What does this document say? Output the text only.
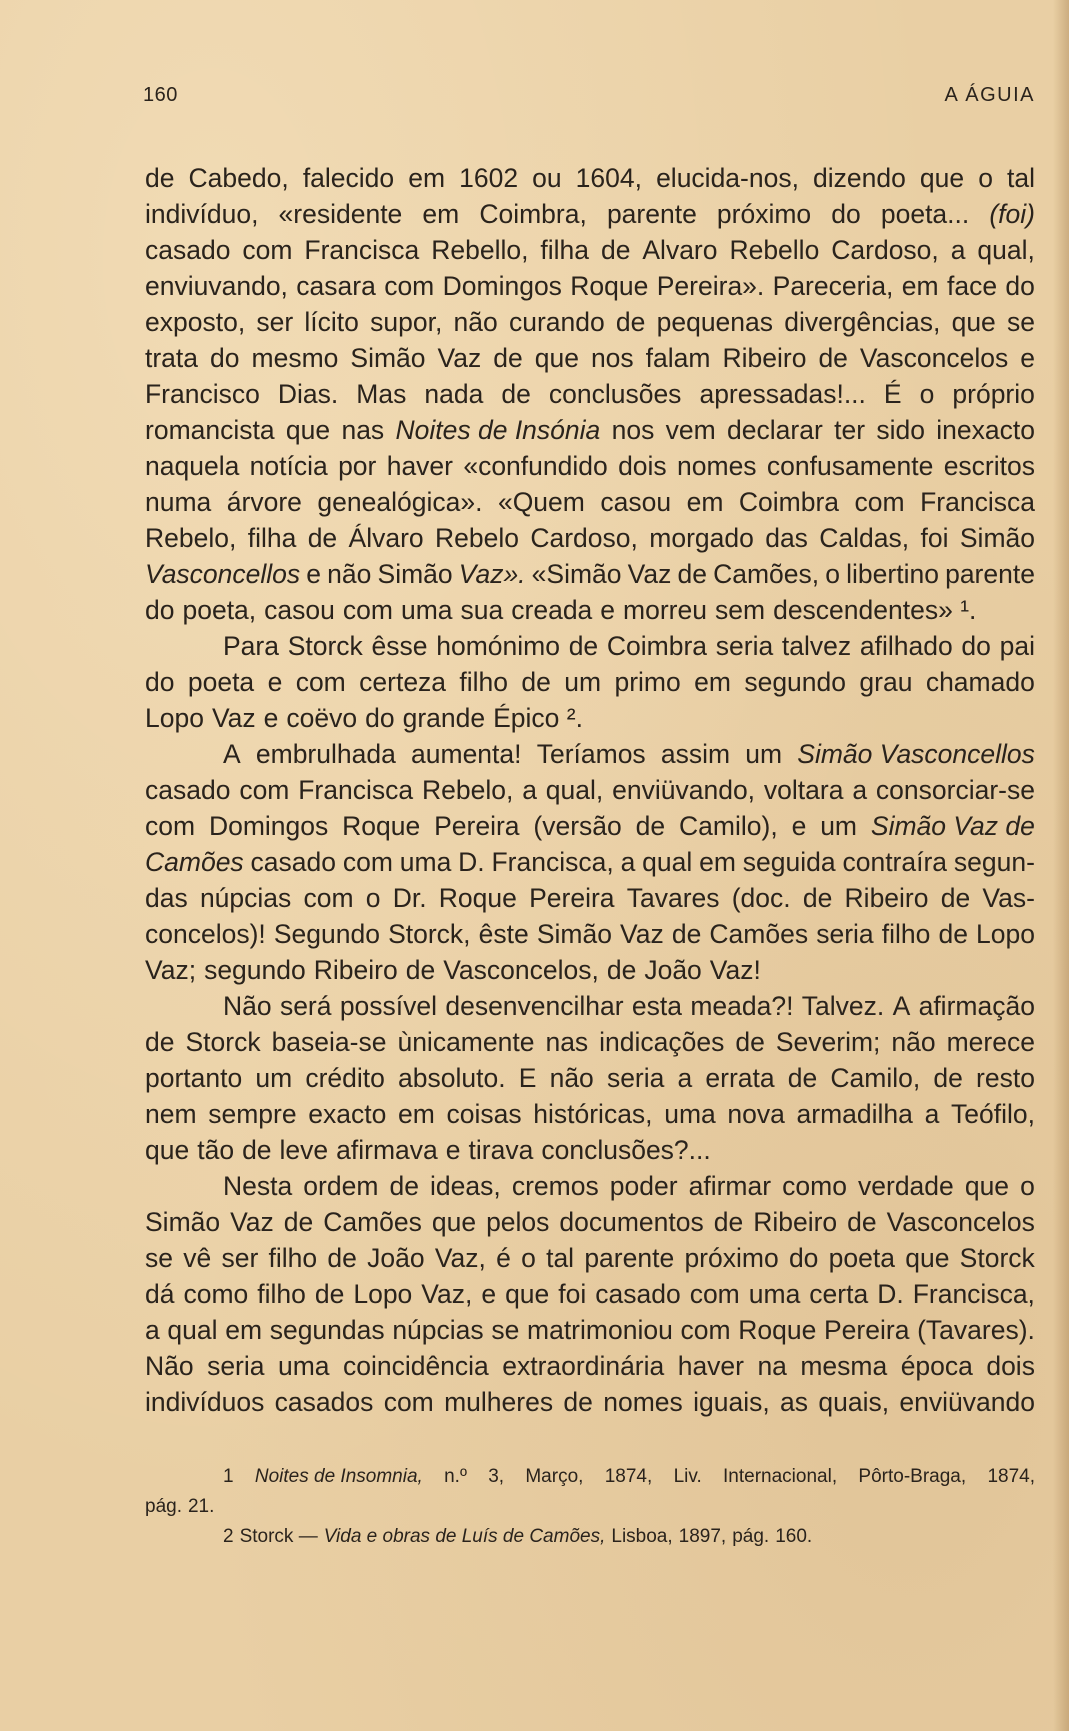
160	A ÁGUIA
de Cabedo, falecido em 1602 ou 1604, elucida-nos, dizendo que o tal
indivíduo, «residente em Coimbra, parente próximo do poeta... (foi)
casado com Francisca Rebello, filha de Alvaro Rebello Cardoso, a qual,
enviuvando, casara com Domingos Roque Pereira». Pareceria, em face do
exposto, ser lícito supor, não curando de pequenas divergências, que se
trata do mesmo Simão Vaz de que nos falam Ribeiro de Vasconcelos e
Francisco Dias. Mas nada de conclusões apressadas!... É o próprio
romancista que nas Noites de Insónia nos vem declarar ter sido inexacto
naquela notícia por haver «confundido dois nomes confusamente escritos
numa árvore genealógica». «Quem casou em Coimbra com Francisca
Rebelo, filha de Álvaro Rebelo Cardoso, morgado das Caldas, foi Simão
Vasconcellos e não Simão Vaz». «Simão Vaz de Camões, o libertino parente
do poeta, casou com uma sua creada e morreu sem descendentes» ¹.
Para Storck êsse homónimo de Coimbra seria talvez afilhado do pai
do poeta e com certeza filho de um primo em segundo grau chamado
Lopo Vaz e coëvo do grande Épico ².
A embrulhada aumenta! Teríamos assim um Simão Vasconcellos
casado com Francisca Rebelo, a qual, enviüvando, voltara a consorciar-se
com Domingos Roque Pereira (versão de Camilo), e um Simão Vaz de
Camões casado com uma D. Francisca, a qual em seguida contraíra segun-
das núpcias com o Dr. Roque Pereira Tavares (doc. de Ribeiro de Vas-
concelos)! Segundo Storck, êste Simão Vaz de Camões seria filho de Lopo
Vaz; segundo Ribeiro de Vasconcelos, de João Vaz!
Não será possível desenvencilhar esta meada?! Talvez. A afirmação
de Storck baseia-se ùnicamente nas indicações de Severim; não merece
portanto um crédito absoluto. E não seria a errata de Camilo, de resto
nem sempre exacto em coisas históricas, uma nova armadilha a Teófilo,
que tão de leve afirmava e tirava conclusões?...
Nesta ordem de ideas, cremos poder afirmar como verdade que o
Simão Vaz de Camões que pelos documentos de Ribeiro de Vasconcelos
se vê ser filho de João Vaz, é o tal parente próximo do poeta que Storck
dá como filho de Lopo Vaz, e que foi casado com uma certa D. Francisca,
a qual em segundas núpcias se matrimoniou com Roque Pereira (Tavares).
Não seria uma coincidência extraordinária haver na mesma época dois
indivíduos casados com mulheres de nomes iguais, as quais, enviüvando
1 Noites de Insomnia, n.º 3, Março, 1874, Liv. Internacional, Pôrto-Braga, 1874,
pág. 21.
2 Storck — Vida e obras de Luís de Camões, Lisboa, 1897, pág. 160.
